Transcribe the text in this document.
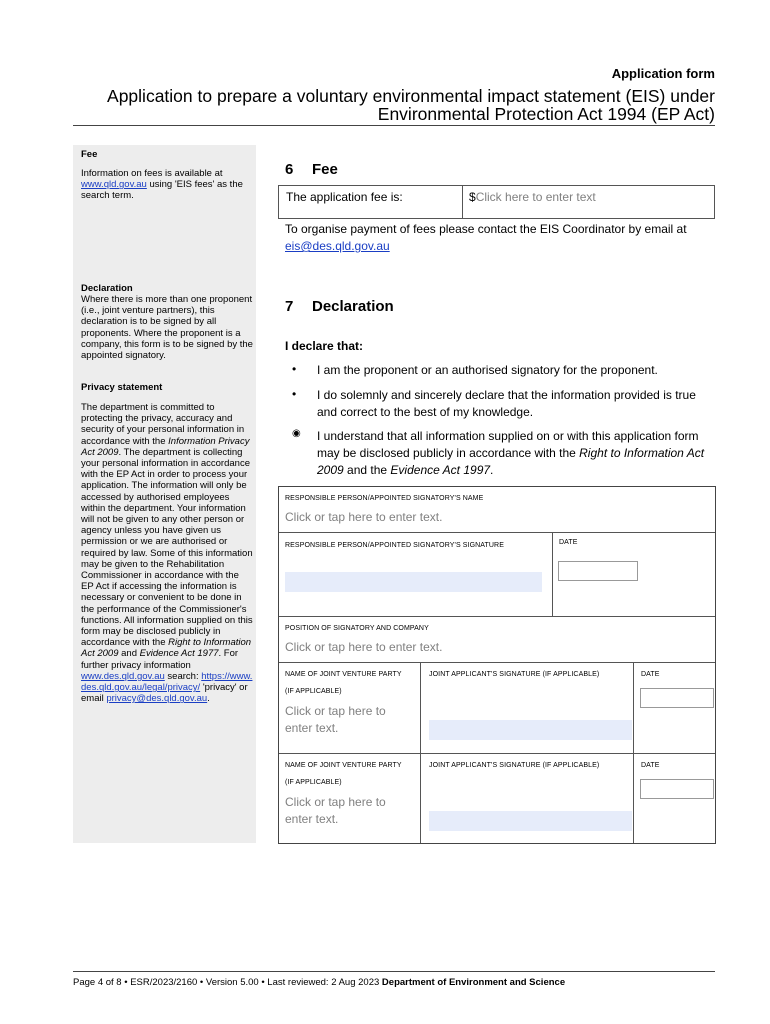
Application form
Application to prepare a voluntary environmental impact statement (EIS) under
Environmental Protection Act 1994 (EP Act)
Fee
Information on fees is available at www.qld.gov.au using 'EIS fees' as the search term.
Declaration
Where there is more than one proponent (i.e., joint venture partners), this declaration is to be signed by all proponents. Where the proponent is a company, this form is to be signed by the appointed signatory.
Privacy statement
The department is committed to protecting the privacy, accuracy and security of your personal information in accordance with the Information Privacy Act 2009. The department is collecting your personal information in accordance with the EP Act in order to process your application. The information will only be accessed by authorised employees within the department. Your information will not be given to any other person or agency unless you have given us permission or we are authorised or required by law. Some of this information may be given to the Rehabilitation Commissioner in accordance with the EP Act if accessing the information is necessary or convenient to be done in the performance of the Commissioner's functions. All information supplied on this form may be disclosed publicly in accordance with the Right to Information Act 2009 and Evidence Act 1977. For further privacy information www.des.qld.gov.au search: https://www.des.qld.gov.au/legal/privacy/ 'privacy' or email privacy@des.qld.gov.au.
6 Fee
The application fee is:	$Click here to enter text
To organise payment of fees please contact the EIS Coordinator by email at eis@des.qld.gov.au
7 Declaration
I declare that:
•	I am the proponent or an authorised signatory for the proponent.
•	I do solemnly and sincerely declare that the information provided is true and correct to the best of my knowledge.
◉ I understand that all information supplied on or with this application form may be disclosed publicly in accordance with the Right to Information Act 2009 and the Evidence Act 1997.
RESPONSIBLE PERSON/APPOINTED SIGNATORY'S NAME
Click or tap here to enter text.
RESPONSIBLE PERSON/APPOINTED SIGNATORY'S SIGNATURE	DATE
POSITION OF SIGNATORY AND COMPANY
Click or tap here to enter text.
NAME OF JOINT VENTURE PARTY
(IF APPLICABLE)
Click or tap here to
enter text.
JOINT APPLICANT'S SIGNATURE (IF APPLICABLE)	DATE
NAME OF JOINT VENTURE PARTY
(IF APPLICABLE)
Click or tap here to
enter text.
JOINT APPLICANT'S SIGNATURE (IF APPLICABLE)	DATE
Page 4 of 8 • ESR/2023/2160 • Version 5.00 • Last reviewed: 2 Aug 2023 Department of Environment and Science
